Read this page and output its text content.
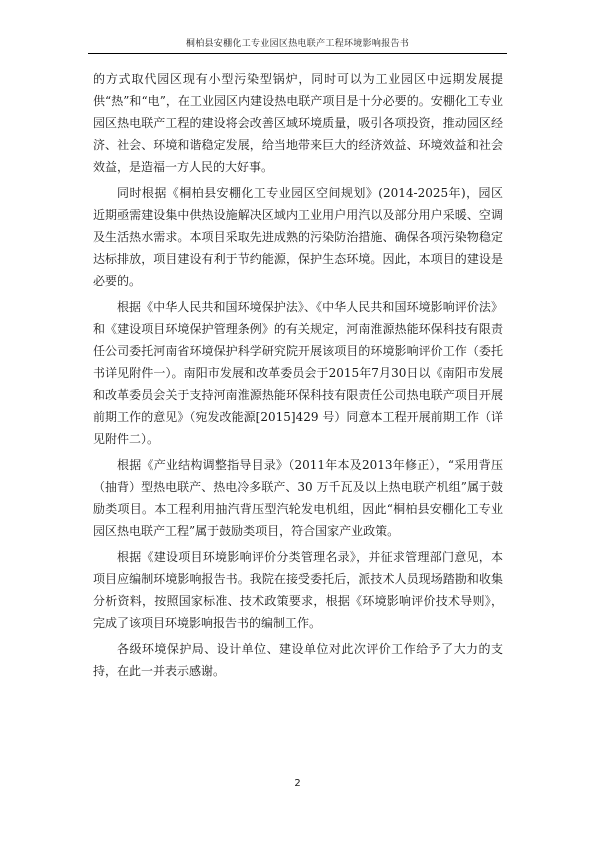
桐柏县安棚化工专业园区热电联产工程环境影响报告书

的方式取代园区现有小型污染型锅炉，同时可以为工业园区中远期发展提供“热”和“电”，在工业园区内建设热电联产项目是十分必要的。安棚化工专业园区热电联产工程的建设将会改善区域环境质量，吸引各项投资，推动园区经济、社会、环境和谐稳定发展，给当地带来巨大的经济效益、环境效益和社会效益，是造福一方人民的大好事。

同时根据《桐柏县安棚化工专业园区空间规划》(2014-2025年)，园区近期亟需建设集中供热设施解决区域内工业用户用汽以及部分用户采暖、空调及生活热水需求。本项目采取先进成熟的污染防治措施、确保各项污染物稳定达标排放，项目建设有利于节约能源，保护生态环境。因此，本项目的建设是必要的。

根据《中华人民共和国环境保护法》、《中华人民共和国环境影响评价法》和《建设项目环境保护管理条例》的有关规定，河南淮源热能环保科技有限责任公司委托河南省环境保护科学研究院开展该项目的环境影响评价工作（委托书详见附件一）。南阳市发展和改革委员会于2015年7月30日以《南阳市发展和改革委员会关于支持河南淮源热能环保科技有限责任公司热电联产项目开展前期工作的意见》（宛发改能源[2015]429 号）同意本工程开展前期工作（详见附件二）。

根据《产业结构调整指导目录》（2011年本及2013年修正），“采用背压（抽背）型热电联产、热电冷多联产、30 万千瓦及以上热电联产机组”属于鼓励类项目。本工程利用抽汽背压型汽轮发电机组，因此“桐柏县安棚化工专业园区热电联产工程”属于鼓励类项目，符合国家产业政策。

根据《建设项目环境影响评价分类管理名录》，并征求管理部门意见，本项目应编制环境影响报告书。我院在接受委托后，派技术人员现场踏勘和收集分析资料，按照国家标准、技术政策要求，根据《环境影响评价技术导则》，完成了该项目环境影响报告书的编制工作。

各级环境保护局、设计单位、建设单位对此次评价工作给予了大力的支持，在此一并表示感谢。

2
